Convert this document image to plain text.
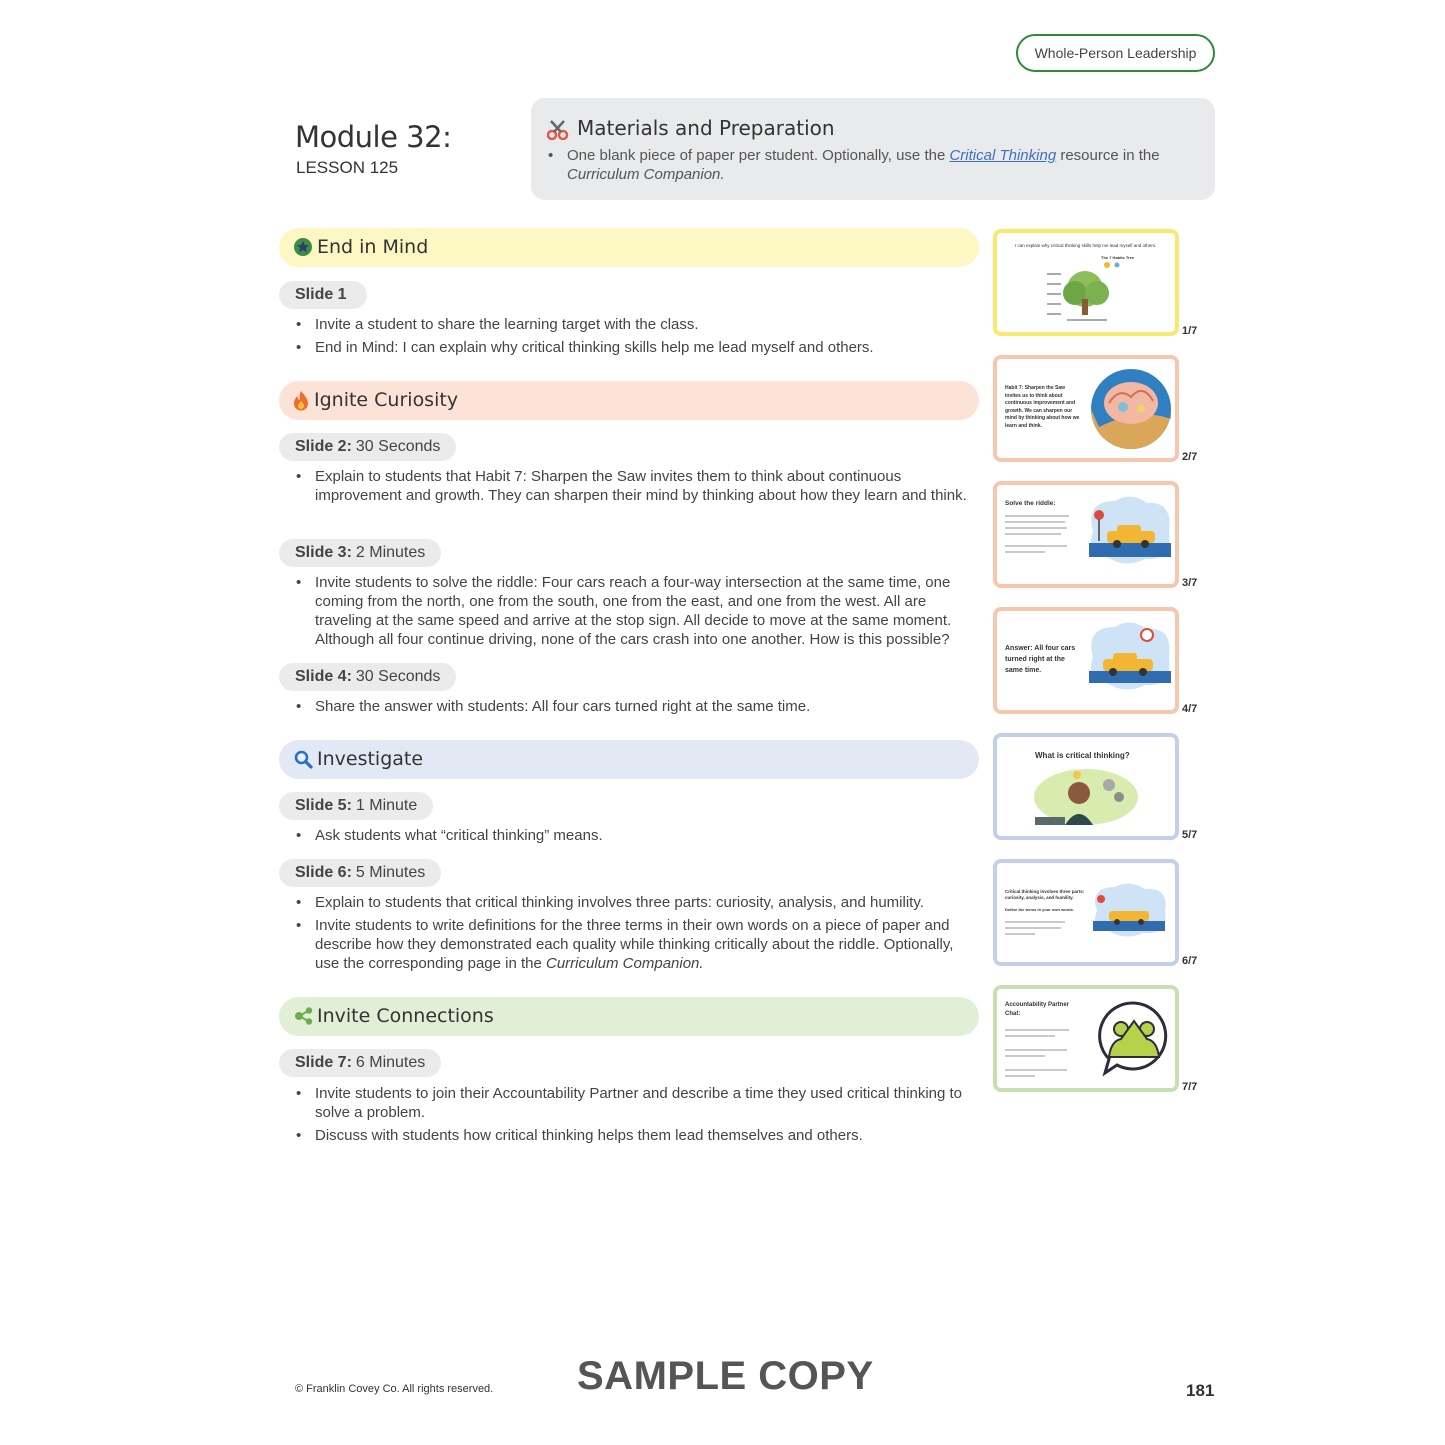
Whole-Person Leadership
Module 32:
LESSON 125
Materials and Preparation
• One blank piece of paper per student. Optionally, use the Critical Thinking resource in the Curriculum Companion.
End in Mind
Slide 1
• Invite a student to share the learning target with the class.
• End in Mind: I can explain why critical thinking skills help me lead myself and others.
Ignite Curiosity
Slide 2: 30 Seconds
• Explain to students that Habit 7: Sharpen the Saw invites them to think about continuous improvement and growth. They can sharpen their mind by thinking about how they learn and think.
Slide 3: 2 Minutes
• Invite students to solve the riddle: Four cars reach a four-way intersection at the same time, one coming from the north, one from the south, one from the east, and one from the west. All are traveling at the same speed and arrive at the stop sign. All decide to move at the same moment. Although all four continue driving, none of the cars crash into one another. How is this possible?
Slide 4: 30 Seconds
• Share the answer with students: All four cars turned right at the same time.
Investigate
Slide 5: 1 Minute
• Ask students what “critical thinking” means.
Slide 6: 5 Minutes
• Explain to students that critical thinking involves three parts: curiosity, analysis, and humility.
• Invite students to write definitions for the three terms in their own words on a piece of paper and describe how they demonstrated each quality while thinking critically about the riddle. Optionally, use the corresponding page in the Curriculum Companion.
Invite Connections
Slide 7: 6 Minutes
• Invite students to join their Accountability Partner and describe a time they used critical thinking to solve a problem.
• Discuss with students how critical thinking helps them lead themselves and others.
I can explain why critical thinking skills help me lead myself and others.
The 7 Habits Tree
1/7
Habit 7: Sharpen the Saw invites us to think about continuous improvement and growth. We can sharpen our mind by thinking about how we learn and think.
2/7
Solve the riddle:
3/7
Answer: All four cars turned right at the same time.
4/7
What is critical thinking?
5/7
Critical thinking involves three parts: curiosity, analysis, and humility.
Define the terms in your own words.
6/7
Accountability Partner Chat:
7/7
© Franklin Covey Co. All rights reserved. SAMPLE COPY	181
